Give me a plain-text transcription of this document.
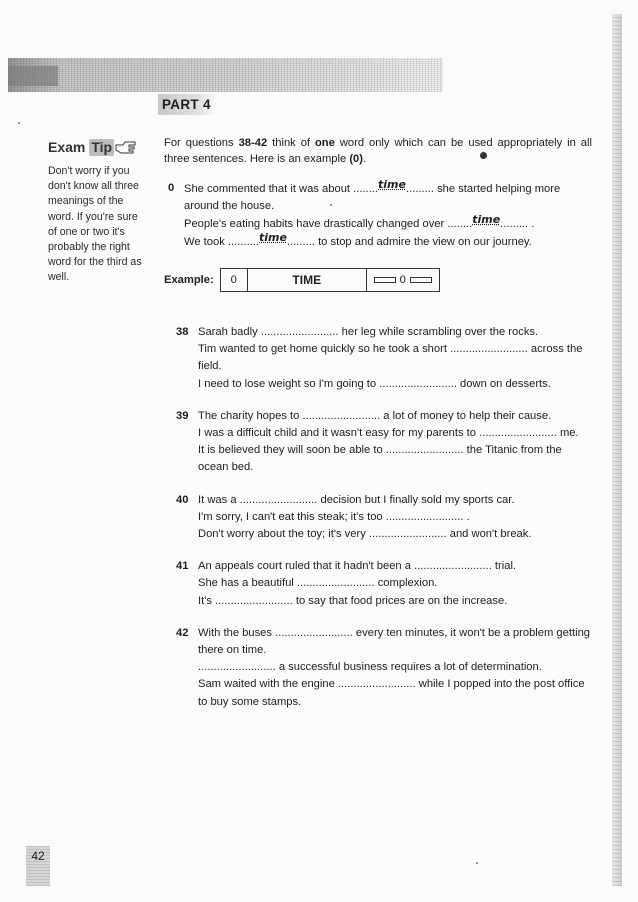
PART 4
Exam Tip
Don't worry if you don't know all three meanings of the word. If you're sure of one or two it's probably the right word for the third as well.
For questions 38-42 think of one word only which can be used appropriately in all three sentences. Here is an example (0).
0 She commented that it was about ........time......... she started helping more around the house.

People's eating habits have drastically changed over ........time......... .

We took ..........time......... to stop and admire the view on our journey.

Example:	0	TIME	0
38 Sarah badly ......................... her leg while scrambling over the rocks.

Tim wanted to get home quickly so he took a short ......................... across the field.

I need to lose weight so I'm going to ......................... down on desserts.

39 The charity hopes to ......................... a lot of money to help their cause.

I was a difficult child and it wasn't easy for my parents to ......................... me.

It is believed they will soon be able to ......................... the Titanic from the ocean bed.

40 It was a ......................... decision but I finally sold my sports car.

I'm sorry, I can't eat this steak; it's too ......................... .

Don't worry about the toy; it's very ......................... and won't break.

41 An appeals court ruled that it hadn't been a ......................... trial.

She has a beautiful ......................... complexion.

It's ......................... to say that food prices are on the increase.

42 With the buses ......................... every ten minutes, it won't be a problem getting there on time.

......................... a successful business requires a lot of determination.

Sam waited with the engine ......................... while I popped into the post office to buy some stamps.

42
